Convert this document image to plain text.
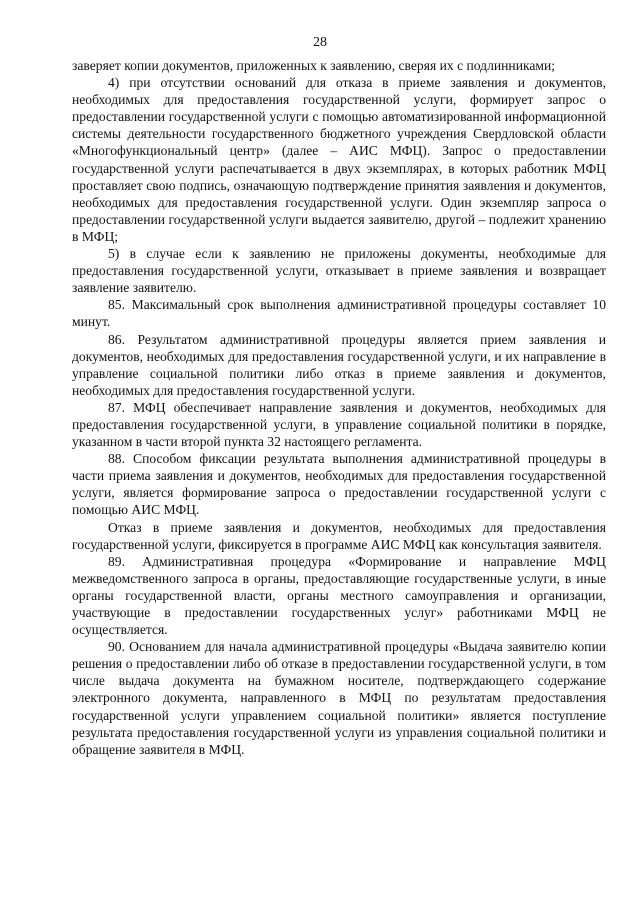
28

заверяет копии документов, приложенных к заявлению, сверяя их с подлинниками;

4) при отсутствии оснований для отказа в приеме заявления и документов, необходимых для предоставления государственной услуги, формирует запрос о предоставлении государственной услуги с помощью автоматизированной информационной системы деятельности государственного бюджетного учреждения Свердловской области «Многофункциональный центр» (далее – АИС МФЦ). Запрос о предоставлении государственной услуги распечатывается в двух экземплярах, в которых работник МФЦ проставляет свою подпись, означающую подтверждение принятия заявления и документов, необходимых для предоставления государственной услуги. Один экземпляр запроса о предоставлении государственной услуги выдается заявителю, другой – подлежит хранению в МФЦ;

5) в случае если к заявлению не приложены документы, необходимые для предоставления государственной услуги, отказывает в приеме заявления и возвращает заявление заявителю.

85. Максимальный срок выполнения административной процедуры составляет 10 минут.

86. Результатом административной процедуры является прием заявления и документов, необходимых для предоставления государственной услуги, и их направление в управление социальной политики либо отказ в приеме заявления и документов, необходимых для предоставления государственной услуги.

87. МФЦ обеспечивает направление заявления и документов, необходимых для предоставления государственной услуги, в управление социальной политики в порядке, указанном в части второй пункта 32 настоящего регламента.

88. Способом фиксации результата выполнения административной процедуры в части приема заявления и документов, необходимых для предоставления государственной услуги, является формирование запроса о предоставлении государственной услуги с помощью АИС МФЦ.

Отказ в приеме заявления и документов, необходимых для предоставления государственной услуги, фиксируется в программе АИС МФЦ как консультация заявителя.

89. Административная процедура «Формирование и направление МФЦ межведомственного запроса в органы, предоставляющие государственные услуги, в иные органы государственной власти, органы местного самоуправления и организации, участвующие в предоставлении государственных услуг» работниками МФЦ не осуществляется.

90. Основанием для начала административной процедуры «Выдача заявителю копии решения о предоставлении либо об отказе в предоставлении государственной услуги, в том числе выдача документа на бумажном носителе, подтверждающего содержание электронного документа, направленного в МФЦ по результатам предоставления государственной услуги управлением социальной политики» является поступление результата предоставления государственной услуги из управления социальной политики и обращение заявителя в МФЦ.
